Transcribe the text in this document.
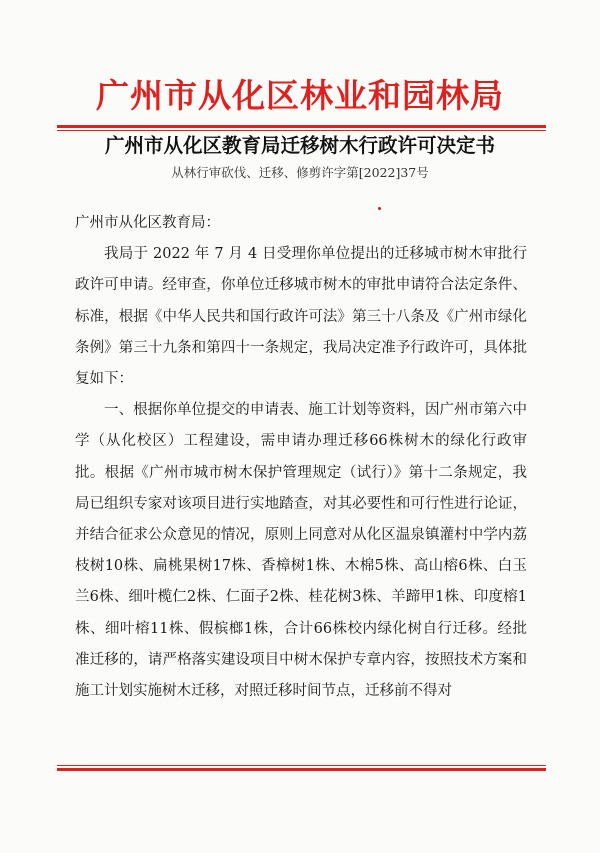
广州市从化区林业和园林局
广州市从化区教育局迁移树木行政许可决定书
从林行审砍伐、迁移、修剪许字第[2022]37号

广州市从化区教育局：

我局于 2022 年 7 月 4 日受理你单位提出的迁移城市树木审批行政许可申请。经审查，你单位迁移城市树木的审批申请符合法定条件、标准，根据《中华人民共和国行政许可法》第三十八条及《广州市绿化条例》第三十九条和第四十一条规定，我局决定准予行政许可，具体批复如下：

一、根据你单位提交的申请表、施工计划等资料，因广州市第六中学（从化校区）工程建设，需申请办理迁移66株树木的绿化行政审批。根据《广州市城市树木保护管理规定（试行）》第十二条规定，我局已组织专家对该项目进行实地踏查，对其必要性和可行性进行论证，并结合征求公众意见的情况，原则上同意对从化区温泉镇灌村中学内荔枝树10株、扁桃果树17株、香樟树1株、木棉5株、高山榕6株、白玉兰6株、细叶榄仁2株、仁面子2株、桂花树3株、羊蹄甲1株、印度榕1株、细叶榕11株、假槟榔1株，合计66株校内绿化树自行迁移。经批准迁移的，请严格落实建设项目中树木保护专章内容，按照技术方案和施工计划实施树木迁移，对照迁移时间节点，迁移前不得对
